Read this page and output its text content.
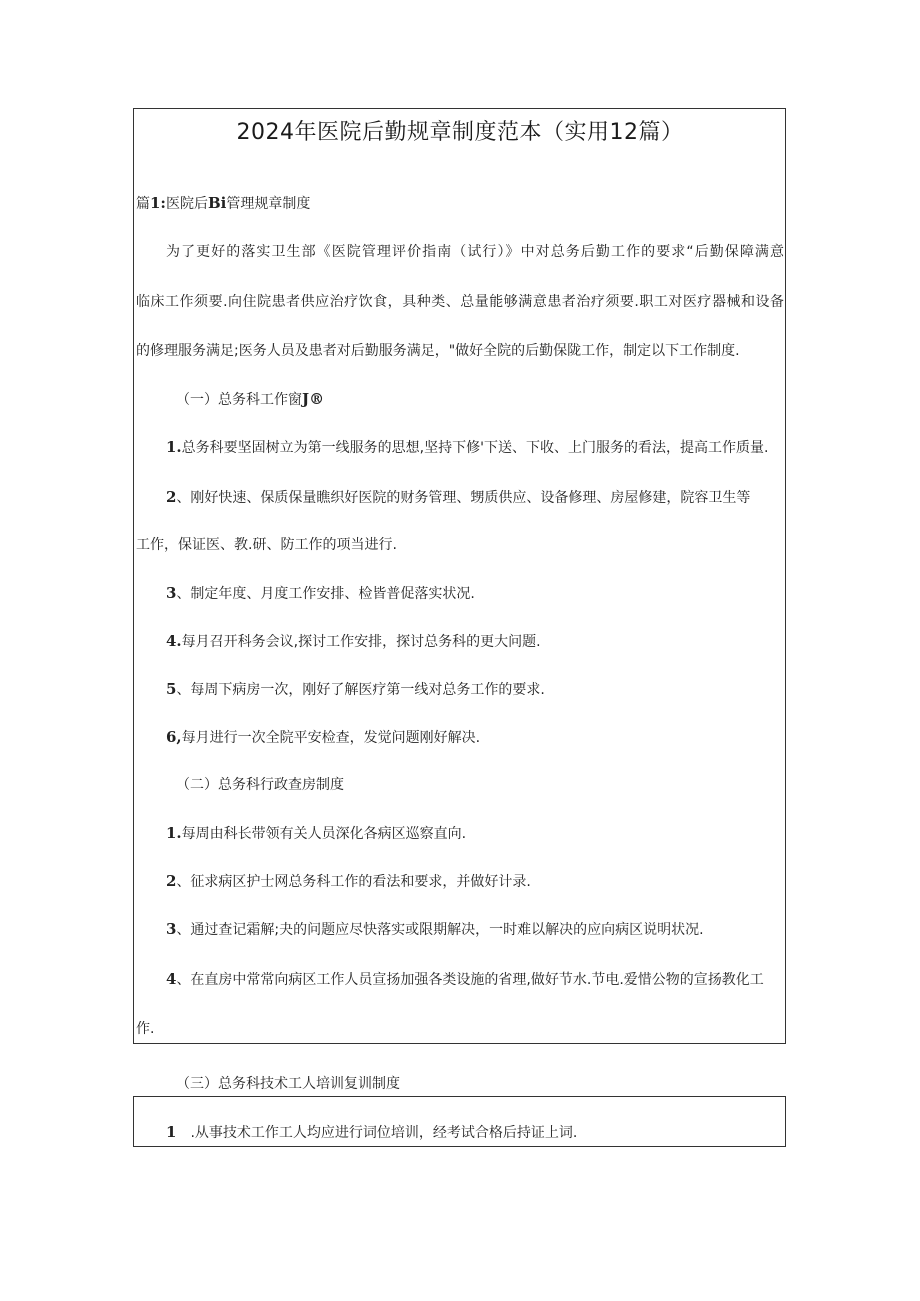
2024年医院后勤规章制度范本（实用12篇）
篇1:医院后Bi管理规章制度
为了更好的落实卫生部《医院管理评价指南（试行）》中对总务后勤工作的要求“后勤保障满意
临床工作须要.向住院患者供应治疗饮食，具种类、总量能够满意患者治疗须要.职工对医疗器械和设备
的修理服务满足;医务人员及患者对后勤服务满足，"做好全院的后勤保陇工作，制定以下工作制度.
（一）总务科工作窗J®
1.总务科要坚固树立为第一线服务的思想,坚持下修'下送、下收、上门服务的看法，提高工作质量.
2、刚好快速、保质保量瞧织好医院的财务管理、甥质供应、设备修理、房屋修建，院容卫生等
工作，保证医、教.研、防工作的项当进行.
3、制定年度、月度工作安排、检皆普促落实状况.
4.每月召开科务会议,探讨工作安排，探讨总务科的更大问题.
5、每周下病房一次，刚好了解医疗第一线对总务工作的要求.
6,每月进行一次全院平安检查，发觉问题刚好解决.
（二）总务科行政查房制度
1.每周由科长带领有关人员深化各病区巡察直向.
2、征求病区护士网总务科工作的看法和要求，并做好计录.
3、通过查记霜解;夬的问题应尽快落实或限期解决，一时难以解决的应向病区说明状况.
4、在直房中常常向病区工作人员宣扬加强各类设施的省理,做好节水.节电.爱惜公物的宣扬教化工
作.
（三）总务科技术工人培训复训制度
1 .从事技术工作工人均应进行词位培训，经考试合格后持证上词.
